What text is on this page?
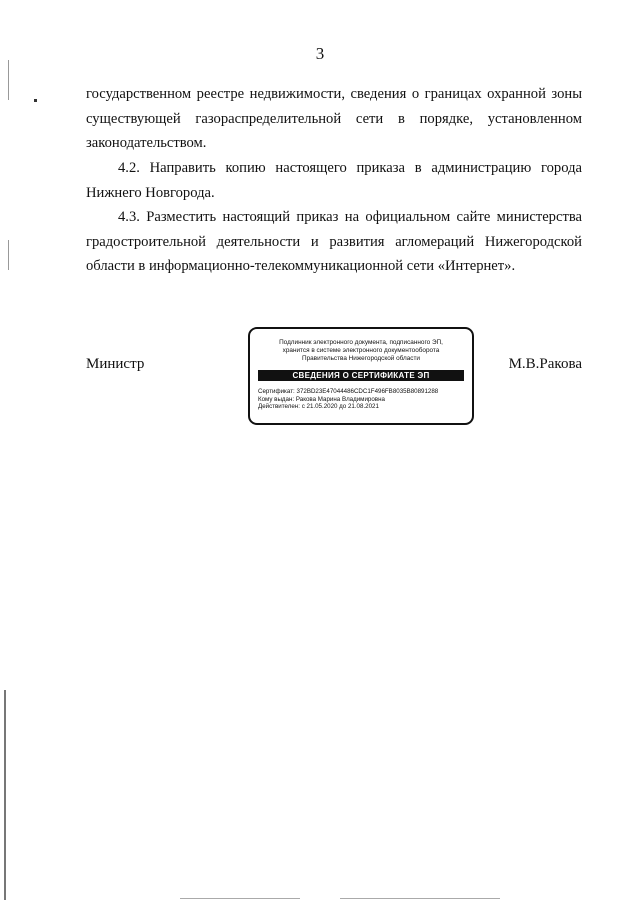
3
государственном реестре недвижимости, сведения о границах охранной зоны
существующей газораспределительной сети в порядке, установленном
законодательством.
4.2. Направить копию настоящего приказа в администрацию города
Нижнего Новгорода.
4.3. Разместить настоящий приказ на официальном сайте министерства
градостроительной деятельности и развития агломераций Нижегородской
области в информационно-телекоммуникационной сети «Интернет».
Министр	М.В.Ракова
Подлинник электронного документа, подписанного ЭП,
хранится в системе электронного документооборота
Правительства Нижегородской области
СВЕДЕНИЯ О СЕРТИФИКАТЕ ЭП
Сертификат: 372BD23E47044486CDC1F496FB8035B80891288
Кому выдан: Ракова Марина Владимировна
Действителен: с 21.05.2020 до 21.08.2021
